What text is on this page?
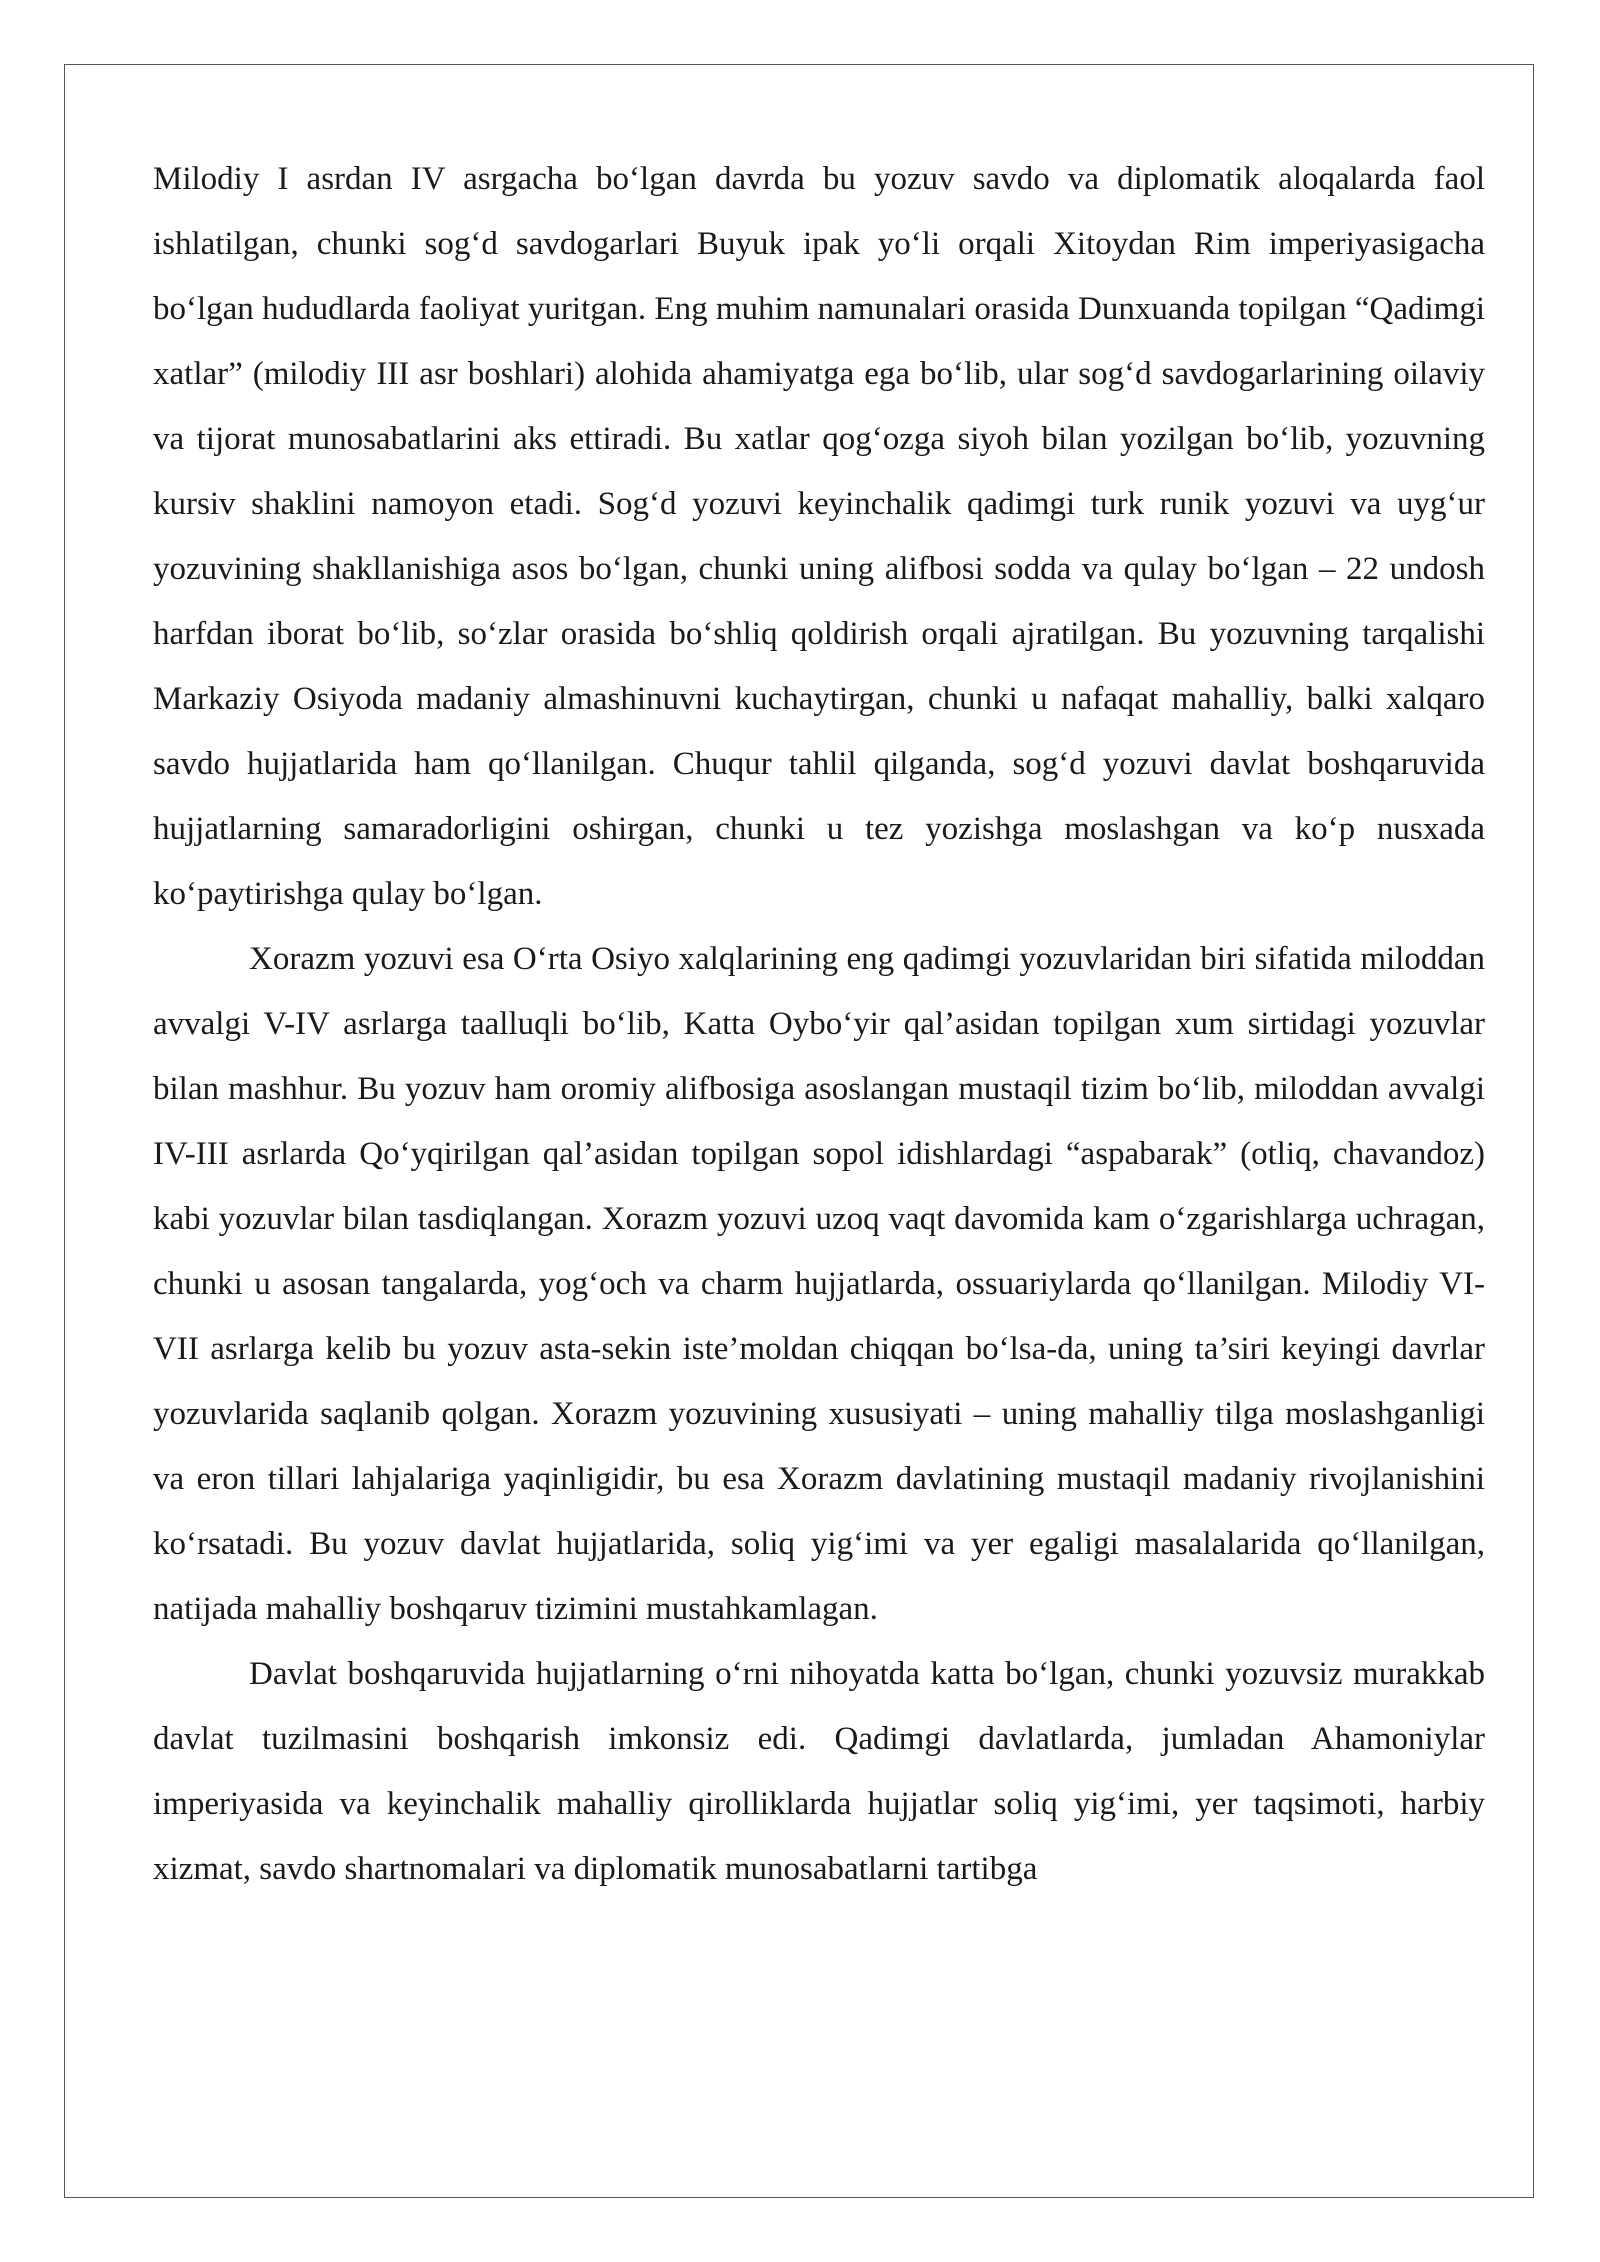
Milodiy I asrdan IV asrgacha bo‘lgan davrda bu yozuv savdo va diplomatik aloqalarda faol ishlatilgan, chunki sog‘d savdogarlari Buyuk ipak yo‘li orqali Xitoydan Rim imperiyasigacha bo‘lgan hududlarda faoliyat yuritgan. Eng muhim namunalari orasida Dunxuanda topilgan “Qadimgi xatlar” (milodiy III asr boshlari) alohida ahamiyatga ega bo‘lib, ular sog‘d savdogarlarining oilaviy va tijorat munosabatlarini aks ettiradi. Bu xatlar qog‘ozga siyoh bilan yozilgan bo‘lib, yozuvning kursiv shaklini namoyon etadi. Sog‘d yozuvi keyinchalik qadimgi turk runik yozuvi va uyg‘ur yozuvining shakllanishiga asos bo‘lgan, chunki uning alifbosi sodda va qulay bo‘lgan – 22 undosh harfdan iborat bo‘lib, so‘zlar orasida bo‘shliq qoldirish orqali ajratilgan. Bu yozuvning tarqalishi Markaziy Osiyoda madaniy almashinuvni kuchaytirgan, chunki u nafaqat mahalliy, balki xalqaro savdo hujjatlarida ham qo‘llanilgan. Chuqur tahlil qilganda, sog‘d yozuvi davlat boshqaruvida hujjatlarning samaradorligini oshirgan, chunki u tez yozishga moslashgan va ko‘p nusxada ko‘paytirishga qulay bo‘lgan.

Xorazm yozuvi esa O‘rta Osiyo xalqlarining eng qadimgi yozuvlaridan biri sifatida miloddan avvalgi V-IV asrlarga taalluqli bo‘lib, Katta Oybo‘yir qal’asidan topilgan xum sirtidagi yozuvlar bilan mashhur. Bu yozuv ham oromiy alifbosiga asoslangan mustaqil tizim bo‘lib, miloddan avvalgi IV-III asrlarda Qo‘yqirilgan qal’asidan topilgan sopol idishlardagi “aspabarak” (otliq, chavandoz) kabi yozuvlar bilan tasdiqlangan. Xorazm yozuvi uzoq vaqt davomida kam o‘zgarishlarga uchragan, chunki u asosan tangalarda, yog‘och va charm hujjatlarda, ossuariylarda qo‘llanilgan. Milodiy VI-VII asrlarga kelib bu yozuv asta-sekin iste’moldan chiqqan bo‘lsa-da, uning ta’siri keyingi davrlar yozuvlarida saqlanib qolgan. Xorazm yozuvining xususiyati – uning mahalliy tilga moslashganligi va eron tillari lahjalariga yaqinligidir, bu esa Xorazm davlatining mustaqil madaniy rivojlanishini ko‘rsatadi. Bu yozuv davlat hujjatlarida, soliq yig‘imi va yer egaligi masalalarida qo‘llanilgan, natijada mahalliy boshqaruv tizimini mustahkamlagan.

Davlat boshqaruvida hujjatlarning o‘rni nihoyatda katta bo‘lgan, chunki yozuvsiz murakkab davlat tuzilmasini boshqarish imkonsiz edi. Qadimgi davlatlarda, jumladan Ahamoniylar imperiyasida va keyinchalik mahalliy qirolliklarda hujjatlar soliq yig‘imi, yer taqsimoti, harbiy xizmat, savdo shartnomalari va diplomatik munosabatlarni tartibga
